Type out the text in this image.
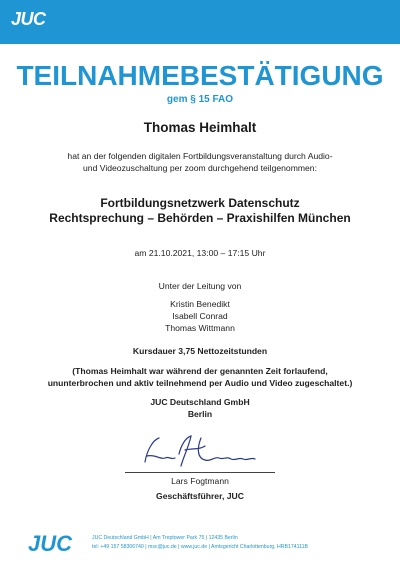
JUC
TEILNAHMEBESTÄTIGUNG
gem § 15 FAO
Thomas Heimhalt
hat an der folgenden digitalen Fortbildungsveranstaltung durch Audio-
und Videozuschaltung per zoom durchgehend teilgenommen:
Fortbildungsnetzwerk Datenschutz
Rechtsprechung – Behörden – Praxishilfen München
am 21.10.2021, 13:00 – 17:15 Uhr
Unter der Leitung von
Kristin Benedikt
Isabell Conrad
Thomas Wittmann
Kursdauer 3,75 Nettozeitstunden
(Thomas Heimhalt war während der genannten Zeit forlaufend,
ununterbrochen und aktiv teilnehmend per Audio und Video zugeschaltet.)
JUC Deutschland GmbH
Berlin
Lars Fogtmann
Geschäftsführer, JUC
JUC	JUC Deutschland GmbH | Am Treptower Park 75 | 12435 Berlin
tel: +49 157 58306740 | msc@juc.de | www.juc.de | Amtsgericht Charlottenburg, HRB174111B
